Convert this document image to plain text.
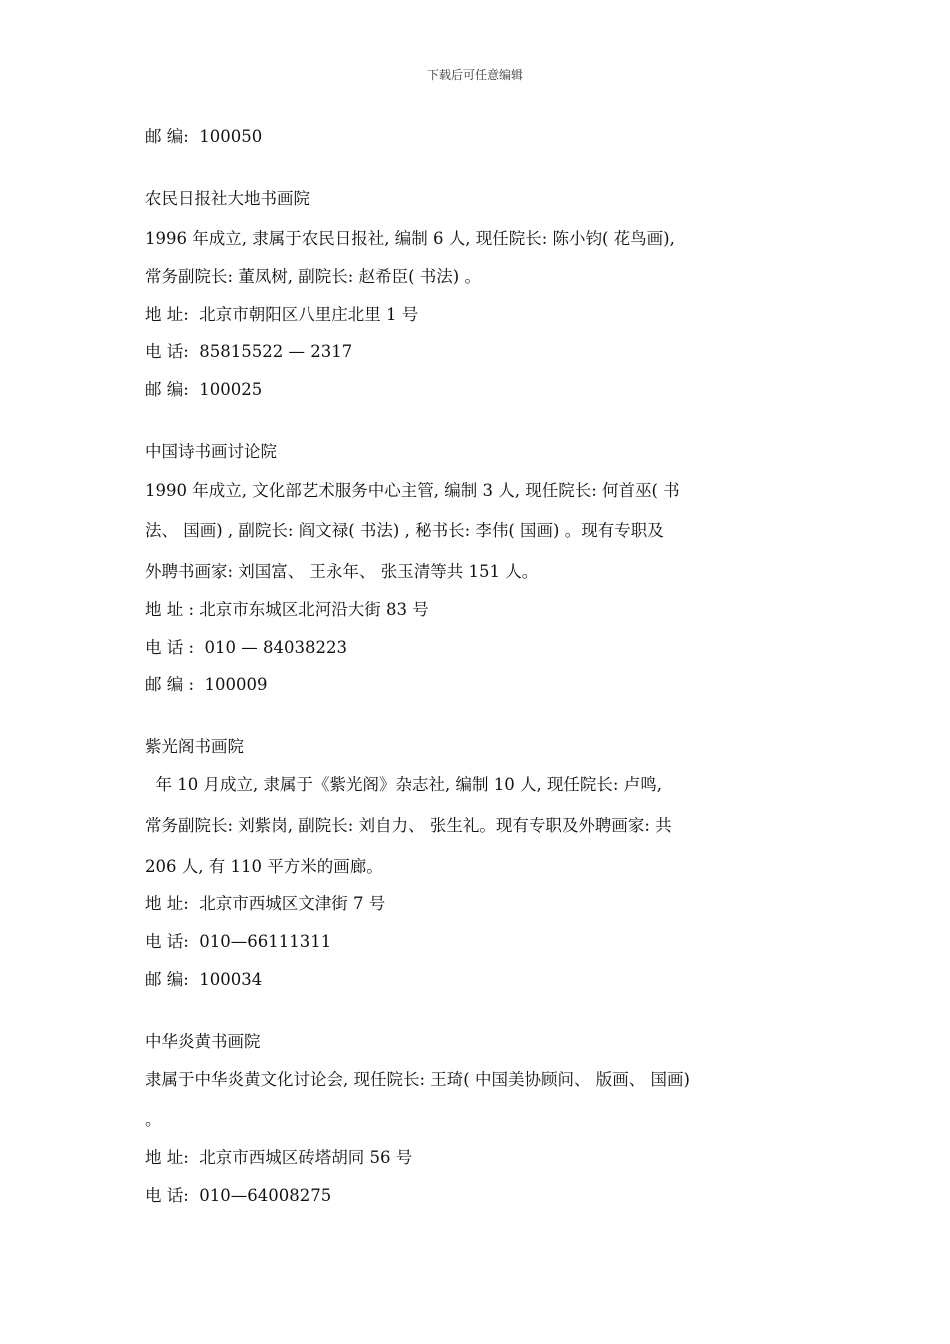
下载后可任意编辑
邮 编:  100050
农民日报社大地书画院
1996 年成立, 隶属于农民日报社, 编制 6 人, 现任院长: 陈小钧( 花鸟画),
常务副院长: 董凤树, 副院长: 赵希臣( 书法) 。
地 址:  北京市朝阳区八里庄北里 1 号
电 话:  85815522 — 2317
邮 编:  100025
中国诗书画讨论院
1990 年成立, 文化部艺术服务中心主管, 编制 3 人, 现任院长: 何首巫( 书
法、 国画) , 副院长: 阎文禄( 书法) , 秘书长: 李伟( 国画) 。现有专职及
外聘书画家: 刘国富、 王永年、 张玉清等共 151 人。
地 址 : 北京市东城区北河沿大街 83 号
电 话 :  010 — 84038223
邮 编 :  100009
紫光阁书画院
年 10 月成立, 隶属于《紫光阁》杂志社, 编制 10 人, 现任院长: 卢鸣,
常务副院长: 刘紫岗, 副院长: 刘自力、 张生礼。现有专职及外聘画家: 共
206 人, 有 110 平方米的画廊。
地 址:  北京市西城区文津街 7 号
电 话:  010—66111311
邮 编:  100034
中华炎黄书画院
隶属于中华炎黄文化讨论会, 现任院长: 王琦( 中国美协顾问、 版画、 国画)
。
地 址:  北京市西城区砖塔胡同 56 号
电 话:  010—64008275
